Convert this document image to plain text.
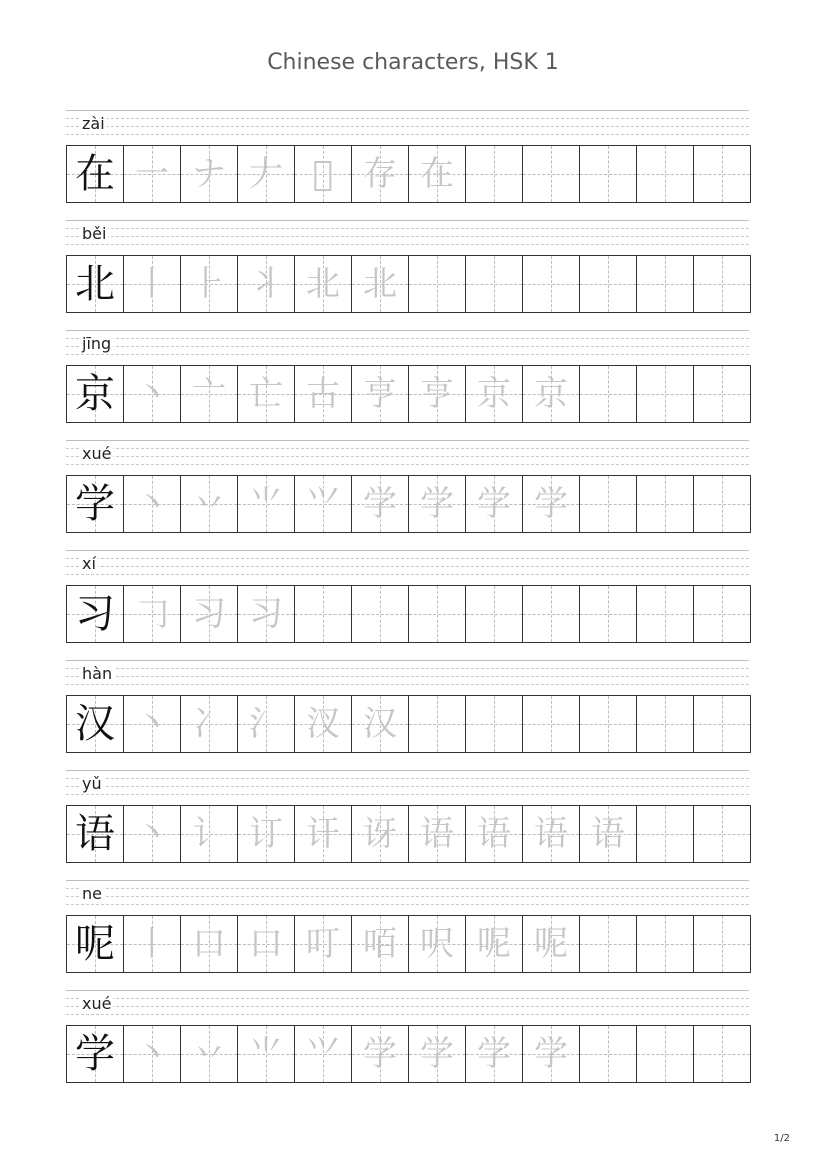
Chinese characters, HSK 1
zài
在 一 ナ 𠂇 𡉀 存 在
běi
北 丨 ⺊ 丬 北 北
jīng
京 丶 亠 亡 古 亨 亨 京 京
xué
学 丶 丷 ⺌ ⺍ 学 学 学 学
xí
习 𠃌 习 习
hàn
汉 丶 冫 氵 汊 汉
yǔ
语 丶 讠 订 讦 讶 语 语 语 语
ne
呢 丨 口 口 叮 咟 呎 呢 呢
xué
学 丶 丷 ⺌ ⺍ 学 学 学 学
1/2
